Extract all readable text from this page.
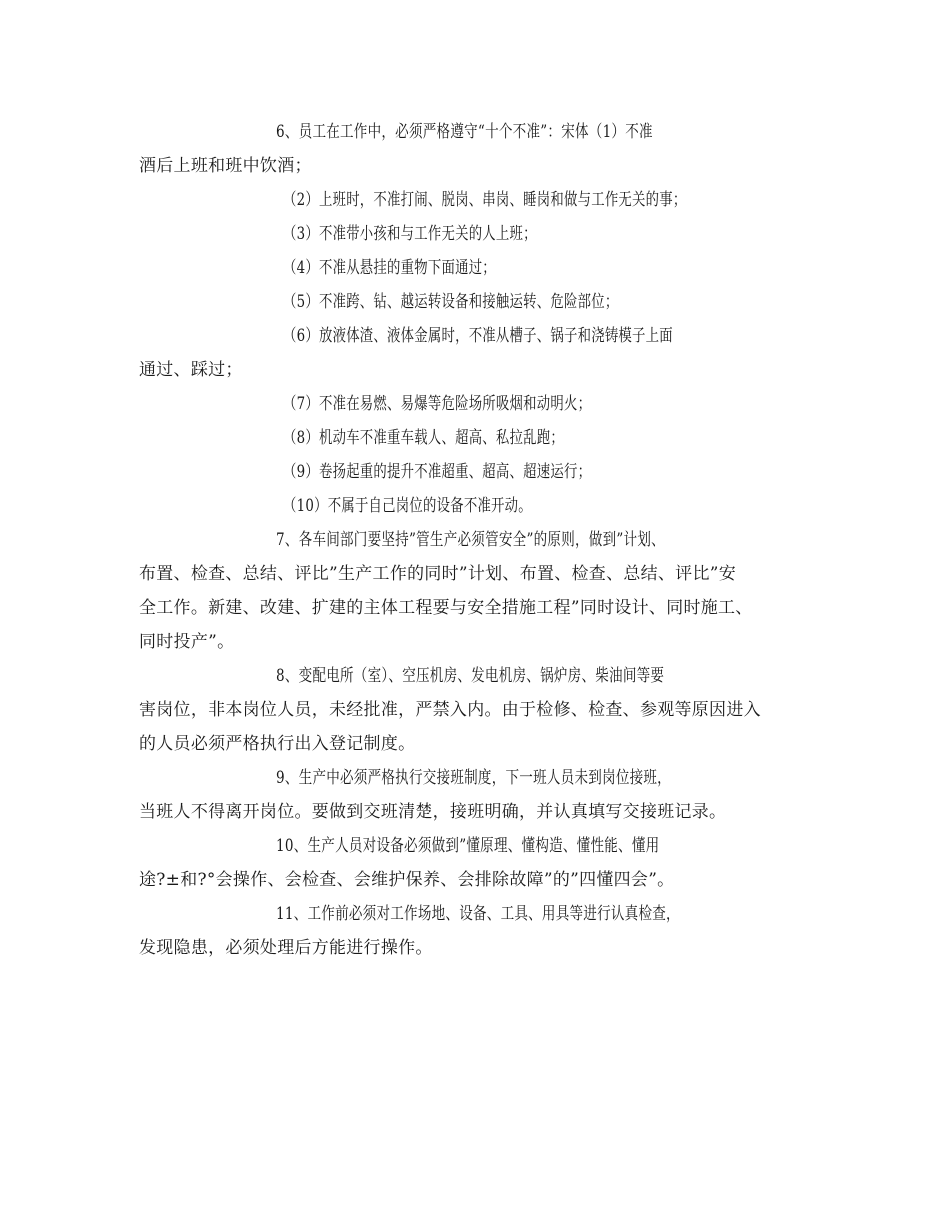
6、员工在工作中，必须严格遵守“十个不准”：宋体（1）不准
酒后上班和班中饮酒；
（2）上班时，不准打闹、脱岗、串岗、睡岗和做与工作无关的事；
（3）不准带小孩和与工作无关的人上班；
（4）不准从悬挂的重物下面通过；
（5）不准跨、钻、越运转设备和接触运转、危险部位；
（6）放液体渣、液体金属时，不准从槽子、锅子和浇铸模子上面
通过、踩过；
（7）不准在易燃、易爆等危险场所吸烟和动明火；
（8）机动车不准重车载人、超高、私拉乱跑；
（9）卷扬起重的提升不准超重、超高、超速运行；
（10）不属于自己岗位的设备不准开动。
7、各车间部门要坚持”管生产必须管安全”的原则，做到”计划、
布置、检查、总结、评比”生产工作的同时”计划、布置、检查、总结、评比”安
全工作。新建、改建、扩建的主体工程要与安全措施工程”同时设计、同时施工、
同时投产”。
8、变配电所（室）、空压机房、发电机房、锅炉房、柴油间等要
害岗位，非本岗位人员，未经批准，严禁入内。由于检修、检查、参观等原因进入
的人员必须严格执行出入登记制度。
9、生产中必须严格执行交接班制度，下一班人员未到岗位接班，
当班人不得离开岗位。要做到交班清楚，接班明确，并认真填写交接班记录。
10、生产人员对设备必须做到”懂原理、懂构造、懂性能、懂用
途?±和?°会操作、会检查、会维护保养、会排除故障”的”四懂四会”。
11、工作前必须对工作场地、设备、工具、用具等进行认真检查，
发现隐患，必须处理后方能进行操作。
